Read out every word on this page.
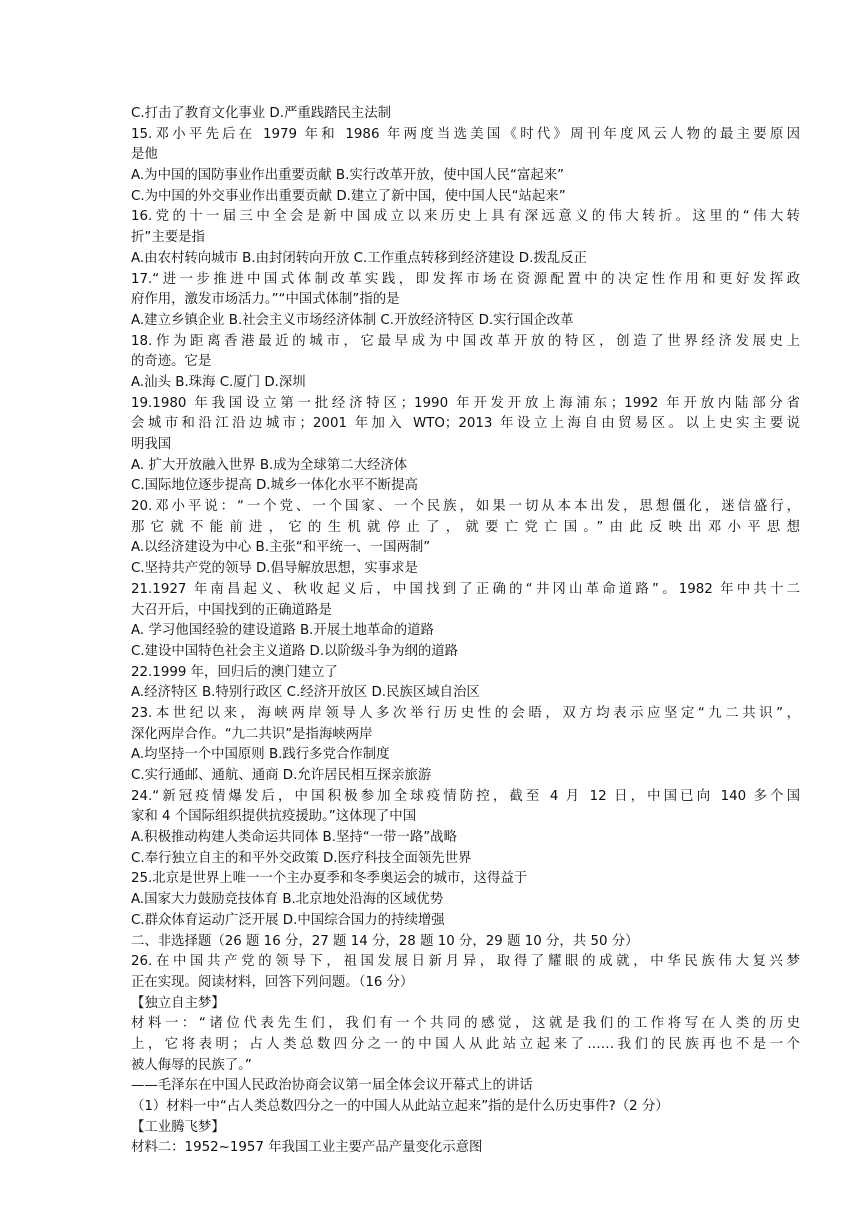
C.打击了教育文化事业 D.严重践踏民主法制
15.邓小平先后在 1979 年和 1986 年两度当选美国《时代》周刊年度风云人物的最主要原因
是他
A.为中国的国防事业作出重要贡献 B.实行改革开放，使中国人民“富起来”
C.为中国的外交事业作出重要贡献 D.建立了新中国，使中国人民“站起来”
16.党的十一届三中全会是新中国成立以来历史上具有深远意义的伟大转折。这里的“伟大转
折”主要是指
A.由农村转向城市 B.由封闭转向开放 C.工作重点转移到经济建设 D.拨乱反正
17.“进一步推进中国式体制改革实践，即发挥市场在资源配置中的决定性作用和更好发挥政
府作用，激发市场活力。”“中国式体制”指的是
A.建立乡镇企业 B.社会主义市场经济体制 C.开放经济特区 D.实行国企改革
18.作为距离香港最近的城市，它最早成为中国改革开放的特区，创造了世界经济发展史上
的奇迹。它是
A.汕头 B.珠海 C.厦门 D.深圳
19.1980 年我国设立第一批经济特区；1990 年开发开放上海浦东；1992 年开放内陆部分省
会城市和沿江沿边城市；2001 年加入 WTO；2013 年设立上海自由贸易区。以上史实主要说
明我国
A. 扩大开放融入世界 B.成为全球第二大经济体
C.国际地位逐步提高 D.城乡一体化水平不断提高
20.邓小平说：“一个党、一个国家、一个民族，如果一切从本本出发，思想僵化，迷信盛行，
那它就不能前进，它的生机就停止了，就要亡党亡国。”由此反映出邓小平思想
A.以经济建设为中心 B.主张“和平统一、一国两制”
C.坚持共产党的领导 D.倡导解放思想，实事求是
21.1927 年南昌起义、秋收起义后，中国找到了正确的“井冈山革命道路”。1982 年中共十二
大召开后，中国找到的正确道路是
A. 学习他国经验的建设道路 B.开展土地革命的道路
C.建设中国特色社会主义道路 D.以阶级斗争为纲的道路
22.1999 年，回归后的澳门建立了
A.经济特区 B.特别行政区 C.经济开放区 D.民族区域自治区
23.本世纪以来，海峡两岸领导人多次举行历史性的会晤，双方均表示应坚定“九二共识”，
深化两岸合作。“九二共识”是指海峡两岸
A.均坚持一个中国原则 B.践行多党合作制度
C.实行通邮、通航、通商 D.允许居民相互探亲旅游
24.“新冠疫情爆发后，中国积极参加全球疫情防控，截至 4 月 12 日，中国已向 140 多个国
家和 4 个国际组织提供抗疫援助。”这体现了中国
A.积极推动构建人类命运共同体 B.坚持“一带一路”战略
C.奉行独立自主的和平外交政策 D.医疗科技全面领先世界
25.北京是世界上唯一一个主办夏季和冬季奥运会的城市，这得益于
A.国家大力鼓励竞技体育 B.北京地处沿海的区域优势
C.群众体育运动广泛开展 D.中国综合国力的持续增强
二、非选择题（26 题 16 分，27 题 14 分，28 题 10 分，29 题 10 分，共 50 分）
26.在中国共产党的领导下，祖国发展日新月异，取得了耀眼的成就，中华民族伟大复兴梦
正在实现。阅读材料，回答下列问题。（16 分）
【独立自主梦】
材料一：“诸位代表先生们，我们有一个共同的感觉，这就是我们的工作将写在人类的历史
上，它将表明；占人类总数四分之一的中国人从此站立起来了……我们的民族再也不是一个
被人侮辱的民族了。”
——毛泽东在中国人民政治协商会议第一届全体会议开幕式上的讲话
（1）材料一中“占人类总数四分之一的中国人从此站立起来”指的是什么历史事件?（2 分）
【工业腾飞梦】
材料二：1952~1957 年我国工业主要产品产量变化示意图
